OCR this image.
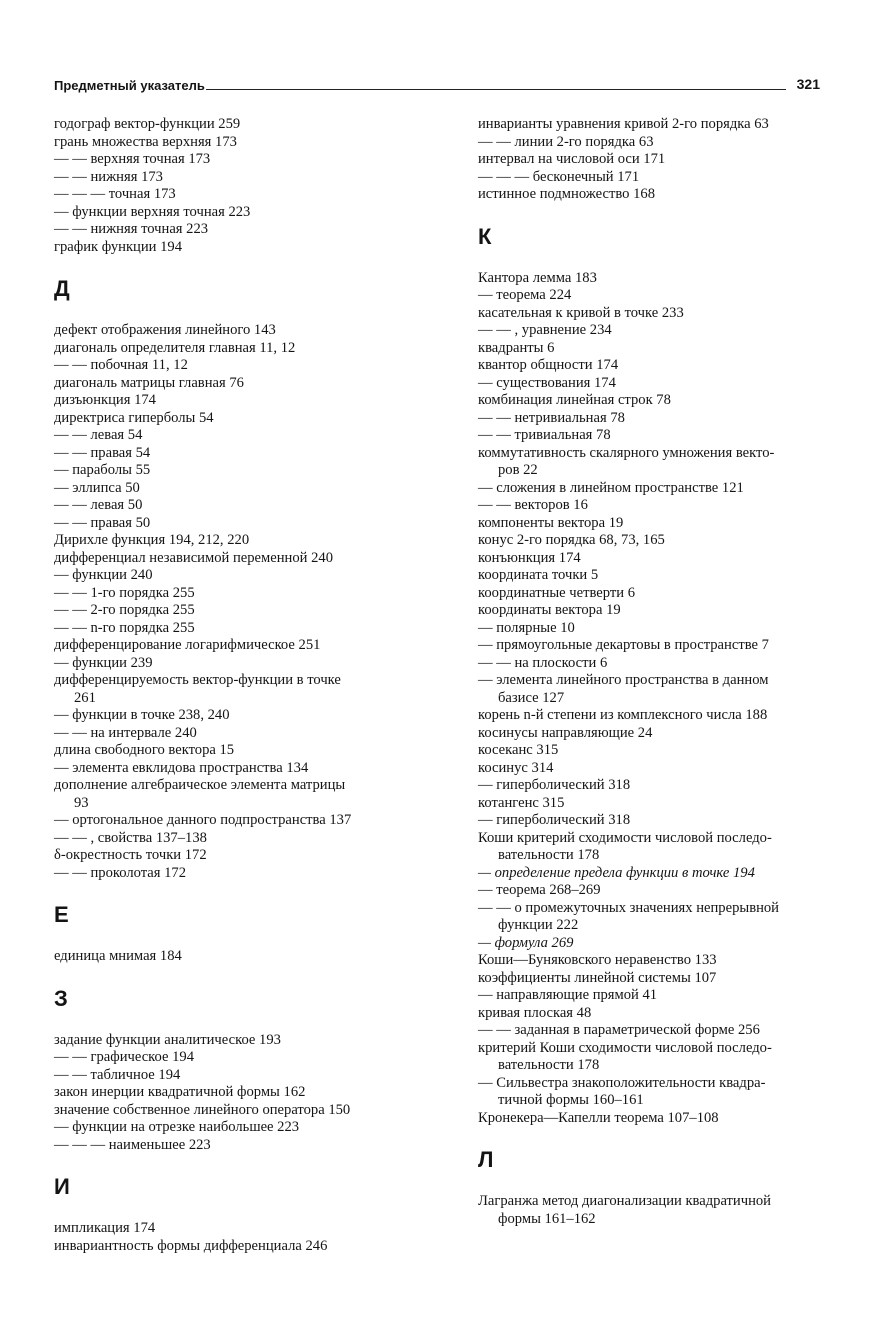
Предметный указатель	321
годограф вектор-функции 259
грань множества верхняя 173
— — верхняя точная 173
— — нижняя 173
— — — точная 173
— функции верхняя точная 223
— — нижняя точная 223
график функции 194
Д
дефект отображения линейного 143
диагональ определителя главная 11, 12
— — побочная 11, 12
диагональ матрицы главная 76
дизъюнкция 174
директриса гиперболы 54
— — левая 54
— — правая 54
— параболы 55
— эллипса 50
— — левая 50
— — правая 50
Дирихле функция 194, 212, 220
дифференциал независимой переменной 240
— функции 240
— — 1-го порядка 255
— — 2-го порядка 255
— — n-го порядка 255
дифференцирование логарифмическое 251
— функции 239
дифференцируемость вектор-функции в точке
261
— функции в точке 238, 240
— — на интервале 240
длина свободного вектора 15
— элемента евклидова пространства 134
дополнение алгебраическое элемента матрицы
93
— ортогональное данного подпространства 137
— — , свойства 137–138
δ-окрестность точки 172
— — проколотая 172
Е
единица мнимая 184
З
задание функции аналитическое 193
— — графическое 194
— — табличное 194
закон инерции квадратичной формы 162
значение собственное линейного оператора 150
— функции на отрезке наибольшее 223
— — — наименьшее 223
И
импликация 174
инвариантность формы дифференциала 246
инварианты уравнения кривой 2-го порядка 63
— — линии 2-го порядка 63
интервал на числовой оси 171
— — — бесконечный 171
истинное подмножество 168
К
Кантора лемма 183
— теорема 224
касательная к кривой в точке 233
— — , уравнение 234
квадранты 6
квантор общности 174
— существования 174
комбинация линейная строк 78
— — нетривиальная 78
— — тривиальная 78
коммутативность скалярного умножения векто-
ров 22
— сложения в линейном пространстве 121
— — векторов 16
компоненты вектора 19
конус 2-го порядка 68, 73, 165
конъюнкция 174
координата точки 5
координатные четверти 6
координаты вектора 19
— полярные 10
— прямоугольные декартовы в пространстве 7
— — на плоскости 6
— элемента линейного пространства в данном
базисе 127
корень n-й степени из комплексного числа 188
косинусы направляющие 24
косеканс 315
косинус 314
— гиперболический 318
котангенс 315
— гиперболический 318
Коши критерий сходимости числовой последо-
вательности 178
— определение предела функции в точке 194
— теорема 268–269
— — о промежуточных значениях непрерывной
функции 222
— формула 269
Коши—Буняковского неравенство 133
коэффициенты линейной системы 107
— направляющие прямой 41
кривая плоская 48
— — заданная в параметрической форме 256
критерий Коши сходимости числовой последо-
вательности 178
— Сильвестра знакоположительности квадра-
тичной формы 160–161
Кронекера—Капелли теорема 107–108
Л
Лагранжа метод диагонализации квадратичной
формы 161–162
